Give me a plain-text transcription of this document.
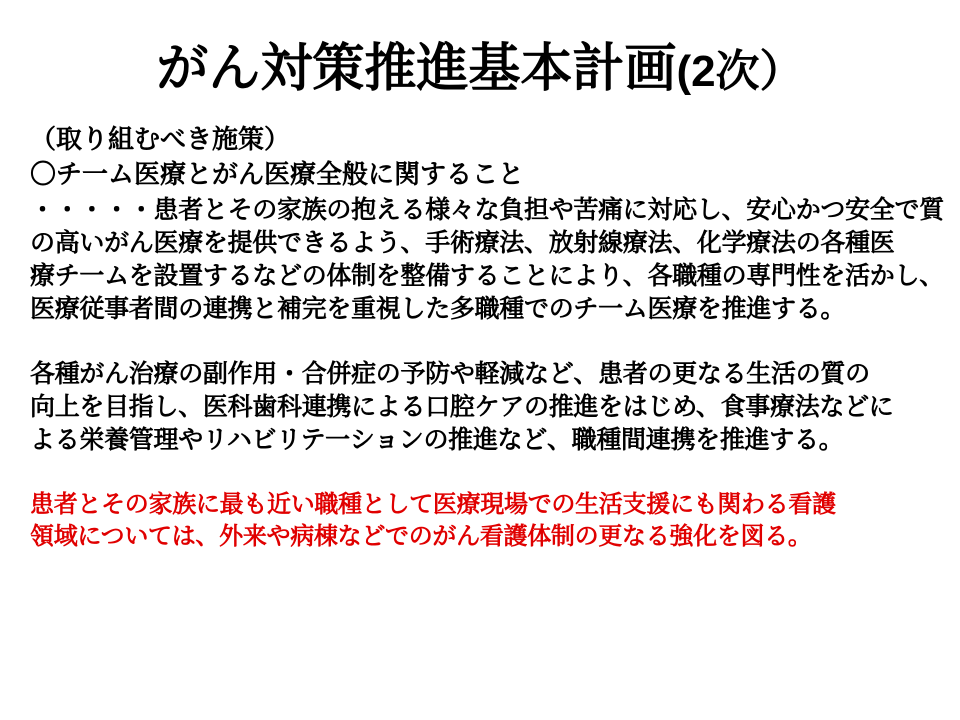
がん対策推進基本計画(2次）
（取り組むべき施策）
〇チ一ム医療とがん医療全般に関すること
・・・・・患者とその家族の抱える様々な負担や苦痛に対応し、安心かつ安全で質
の高いがん医療を提供できるよう、手術療法、放射線療法、化学療法の各種医
療チ一ムを設置するなどの体制を整備することにより、各職種の専門性を活かし、
医療従事者間の連携と補完を重視した多職種でのチ一ム医療を推進する。
各種がん治療の副作用・合併症の予防や軽減など、患者の更なる生活の質の
向上を目指し、医科歯科連携による口腔ケアの推進をはじめ、食事療法などに
よる栄養管理やリハビリテ一ションの推進など、職種間連携を推進する。
患者とその家族に最も近い職種として医療現場での生活支援にも関わる看護
領域については、外来や病棟などでのがん看護体制の更なる強化を図る。
